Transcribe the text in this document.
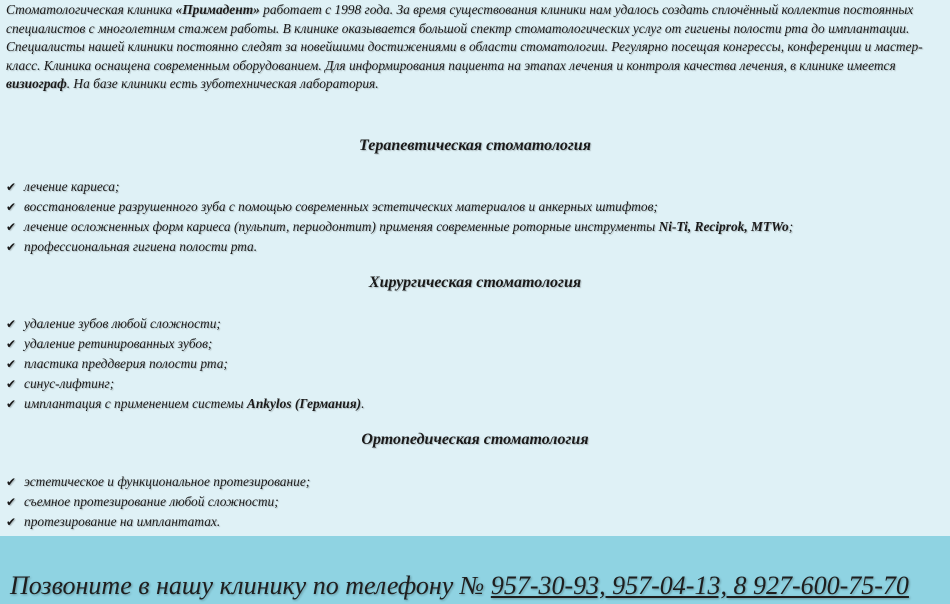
Стоматологическая клиника «Примадент» работает с 1998 года. За время существования клиники нам удалось создать сплочённый коллектив постоянных специалистов с многолетним стажем работы. В клинике оказывается большой спектр стоматологических услуг от гигиены полости рта до имплантации. Специалисты нашей клиники постоянно следят за новейшими достижениями в области стоматологии. Регулярно посещая конгрессы, конференции и мастер-класс. Клиника оснащена современным оборудованием. Для информирования пациента на этапах лечения и контроля качества лечения, в клинике имеется визиограф. На базе клиники есть зуботехническая лаборатория.

Терапевтическая стоматология
✔ лечение кариеса;
✔ восстановление разрушенного зуба с помощью современных эстетических материалов и анкерных штифтов;
✔ лечение осложненных форм кариеса (пульпит, периодонтит) применяя современные роторные инструменты Ni-Ti, Reciprok, MTWo;
✔ профессиональная гигиена полости рта.
Хирургическая стоматология
✔ удаление зубов любой сложности;
✔ удаление ретинированных зубов;
✔ пластика преддверия полости рта;
✔ синус-лифтинг;
✔ имплантация с применением системы Ankylos (Германия).
Ортопедическая стоматология
✔ эстетическое и функциональное протезирование;
✔ съемное протезирование любой сложности;
✔ протезирование на имплантатах.
Позвоните в нашу клинику по телефону № 957-30-93, 957-04-13, 8 927-600-75-70
